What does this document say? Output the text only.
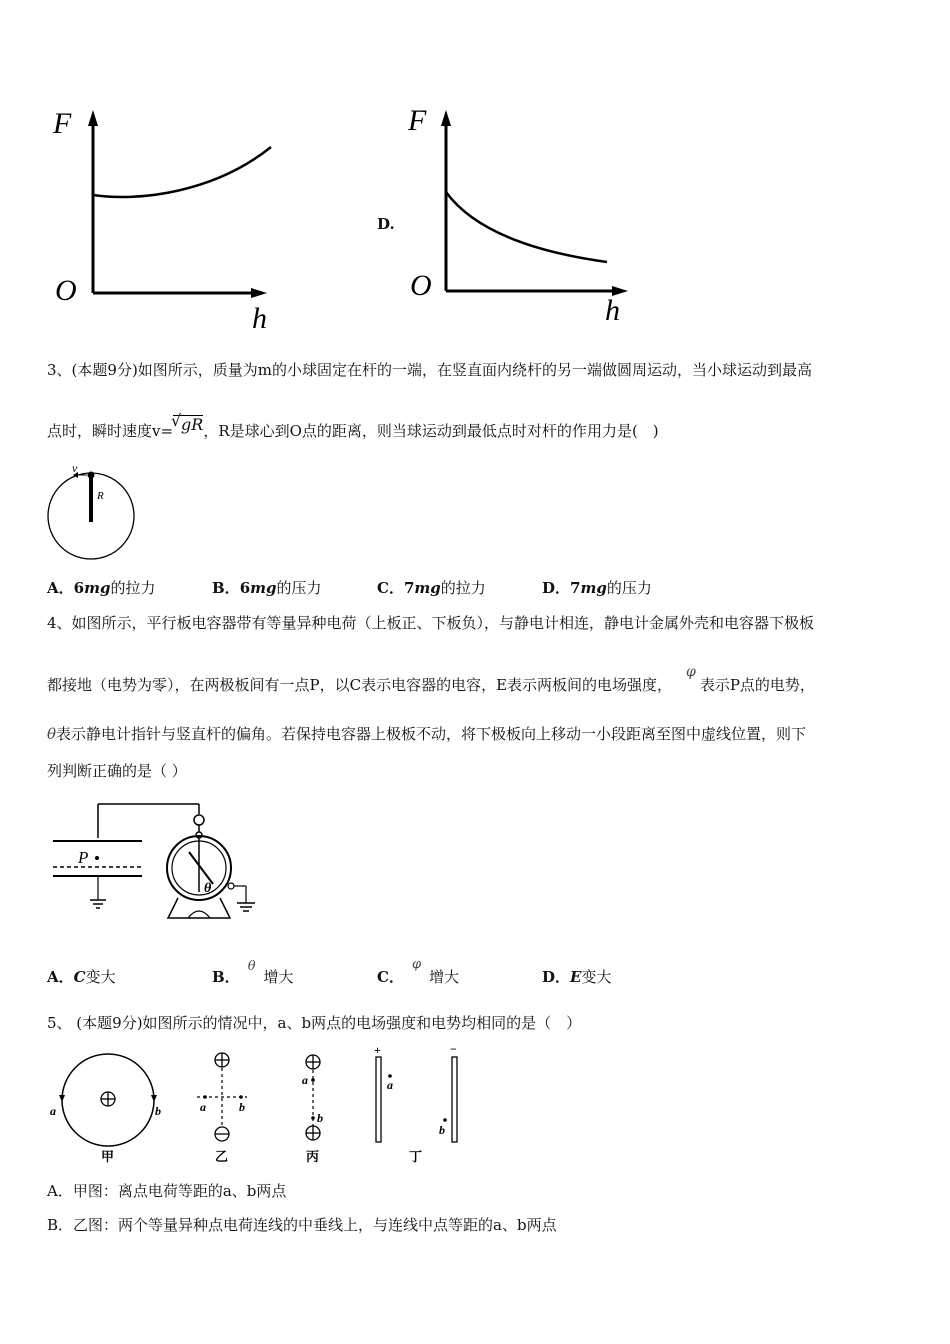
F
O
h
D.
F
O
h
3、(本题9分)如图所示，质量为m的小球固定在杆的一端，在竖直面内绕杆的另一端做圆周运动，当小球运动到最高
点时，瞬时速度v=
√ gR，R是球心到O点的距离，则当球运动到最低点时对杆的作用力是(　)
v
R
A．6mg的拉力	B．6mg的压力	C．7mg的拉力	D．7mg的压力
4、如图所示，平行板电容器带有等量异种电荷（上板正、下板负），与静电计相连，静电计金属外壳和电容器下极板
都接地（电势为零），在两极板间有一点P，以C表示电容器的电容，E表示两板间的电场强度，φ表示P点的电势，
θ表示静电计指针与竖直杆的偏角。若保持电容器上极板不动，将下极板向上移动一小段距离至图中虚线位置，则下
列判断正确的是（ ）
P
θ
A．C变大	B．θ增大	C．φ增大	D．E变大
5、 (本题9分)如图所示的情况中，a、b两点的电场强度和电势均相同的是（　）
a	b
甲
a	b
乙
a
b
丙
+	−
a
b
丁
A．甲图：离点电荷等距的a、b两点
B．乙图：两个等量异种点电荷连线的中垂线上，与连线中点等距的a、b两点
